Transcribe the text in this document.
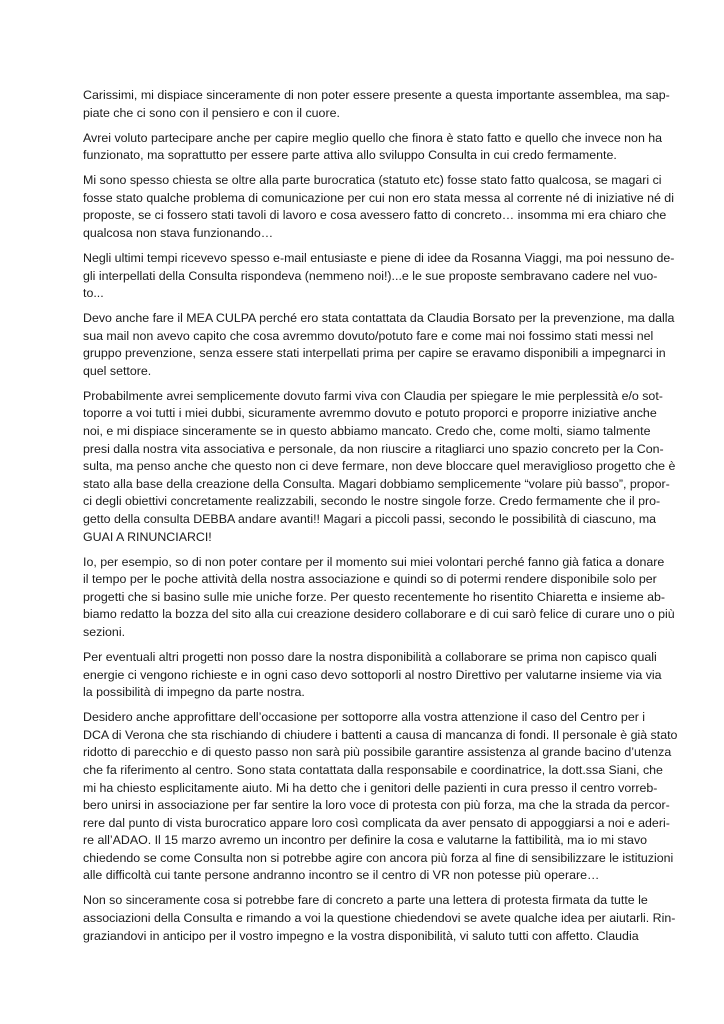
Carissimi, mi dispiace sinceramente di non poter essere presente a questa importante assemblea, ma sap-
piate che ci sono con il pensiero e con il cuore.
Avrei voluto partecipare anche per capire meglio quello che finora è stato fatto e quello che invece non ha
funzionato, ma soprattutto per essere parte attiva allo sviluppo Consulta in cui credo fermamente.
Mi sono spesso chiesta se oltre alla parte burocratica (statuto etc) fosse stato fatto qualcosa, se magari ci
fosse stato qualche problema di comunicazione per cui non ero stata messa al corrente né di iniziative né di
proposte, se ci fossero stati tavoli di lavoro e cosa avessero fatto di concreto… insomma mi era chiaro che
qualcosa non stava funzionando…
Negli ultimi tempi ricevevo spesso e-mail entusiaste e piene di idee da Rosanna Viaggi, ma poi nessuno de-
gli interpellati della Consulta rispondeva (nemmeno noi!)...e le sue proposte sembravano cadere nel vuo-
to...
Devo anche fare il MEA CULPA perché ero stata contattata da Claudia Borsato per la prevenzione, ma dalla
sua mail non avevo capito che cosa avremmo dovuto/potuto fare e come mai noi fossimo stati messi nel
gruppo prevenzione, senza essere stati interpellati prima per capire se eravamo disponibili a impegnarci in
quel settore.
Probabilmente avrei semplicemente dovuto farmi viva con Claudia per spiegare le mie perplessità e/o sot-
toporre a voi tutti i miei dubbi, sicuramente avremmo dovuto e potuto proporci e proporre iniziative anche
noi, e mi dispiace sinceramente se in questo abbiamo mancato. Credo che, come molti, siamo talmente
presi dalla nostra vita associativa e personale, da non riuscire a ritagliarci uno spazio concreto per la Con-
sulta, ma penso anche che questo non ci deve fermare, non deve bloccare quel meraviglioso progetto che è
stato alla base della creazione della Consulta. Magari dobbiamo semplicemente “volare più basso”, propor-
ci degli obiettivi concretamente realizzabili, secondo le nostre singole forze. Credo fermamente che il pro-
getto della consulta DEBBA andare avanti!! Magari a piccoli passi, secondo le possibilità di ciascuno, ma
GUAI A RINUNCIARCI!
Io, per esempio, so di non poter contare per il momento sui miei volontari perché fanno già fatica a donare
il tempo per le poche attività della nostra associazione e quindi so di potermi rendere disponibile solo per
progetti che si basino sulle mie uniche forze. Per questo recentemente ho risentito Chiaretta e insieme ab-
biamo redatto la bozza del sito alla cui creazione desidero collaborare e di cui sarò felice di curare uno o più
sezioni.
Per eventuali altri progetti non posso dare la nostra disponibilità a collaborare se prima non capisco quali
energie ci vengono richieste e in ogni caso devo sottoporli al nostro Direttivo per valutarne insieme via via
la possibilità di impegno da parte nostra.
Desidero anche approfittare dell’occasione per sottoporre alla vostra attenzione il caso del Centro per i
DCA di Verona che sta rischiando di chiudere i battenti a causa di mancanza di fondi. Il personale è già stato
ridotto di parecchio e di questo passo non sarà più possibile garantire assistenza al grande bacino d’utenza
che fa riferimento al centro. Sono stata contattata dalla responsabile e coordinatrice, la dott.ssa Siani, che
mi ha chiesto esplicitamente aiuto. Mi ha detto che i genitori delle pazienti in cura presso il centro vorreb-
bero unirsi in associazione per far sentire la loro voce di protesta con più forza, ma che la strada da percor-
rere dal punto di vista burocratico appare loro così complicata da aver pensato di appoggiarsi a noi e aderi-
re all’ADAO. Il 15 marzo avremo un incontro per definire la cosa e valutarne la fattibilità, ma io mi stavo
chiedendo se come Consulta non si potrebbe agire con ancora più forza al fine di sensibilizzare le istituzioni
alle difficoltà cui tante persone andranno incontro se il centro di VR non potesse più operare…
Non so sinceramente cosa si potrebbe fare di concreto a parte una lettera di protesta firmata da tutte le
associazioni della Consulta e rimando a voi la questione chiedendovi se avete qualche idea per aiutarli. Rin-
graziandovi in anticipo per il vostro impegno e la vostra disponibilità, vi saluto tutti con affetto. Claudia
